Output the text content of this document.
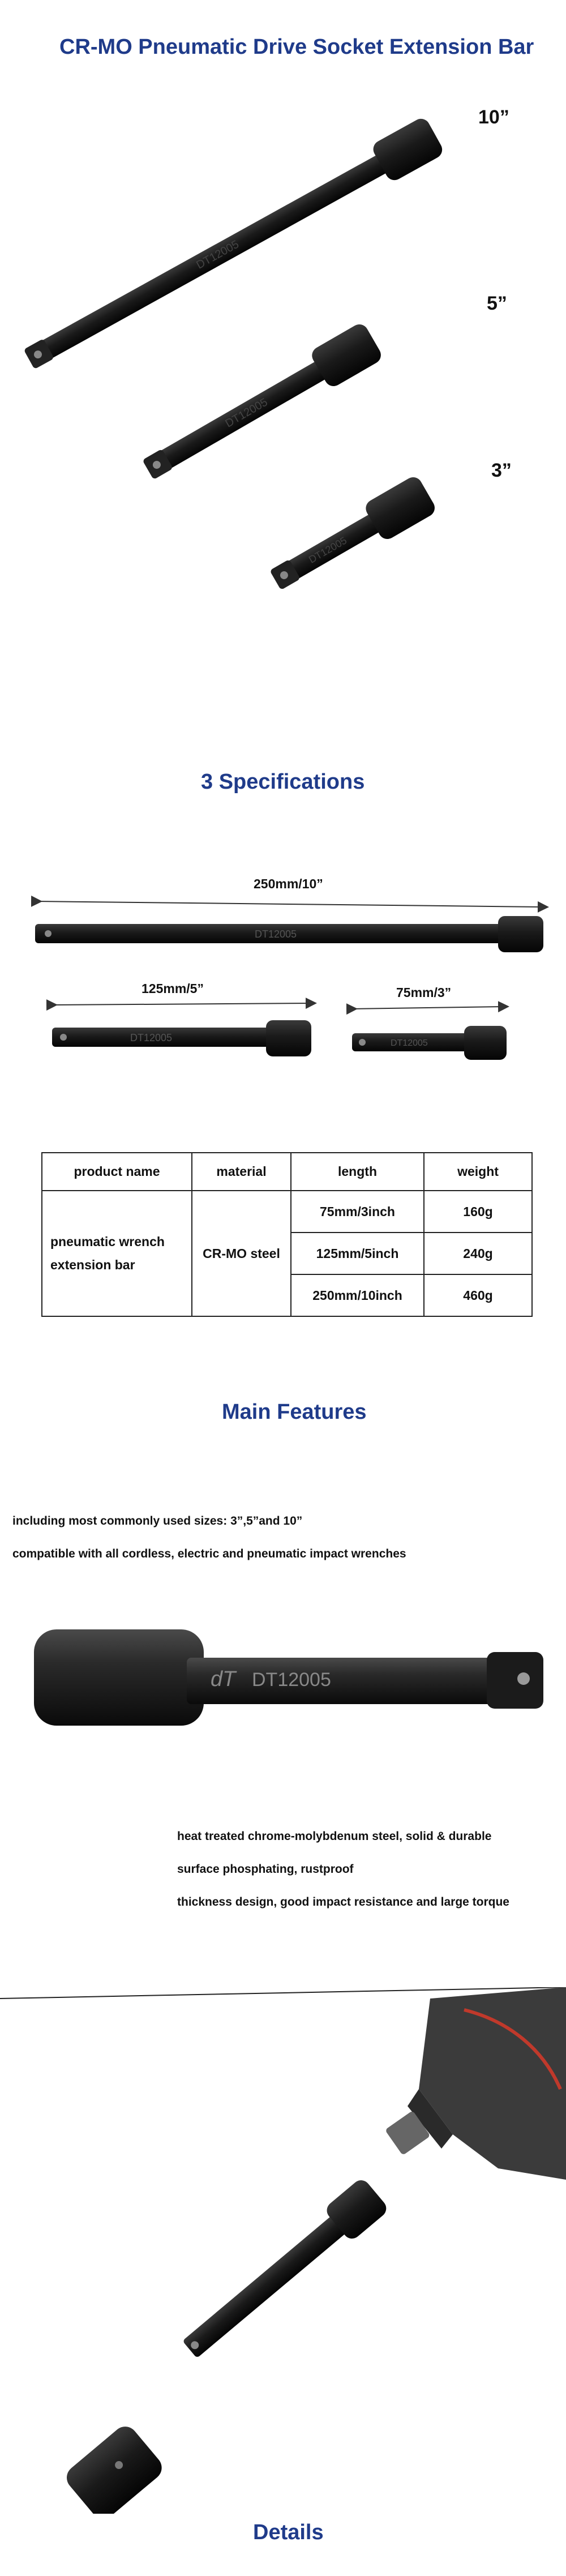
CR-MO Pneumatic Drive Socket Extension Bar
DT12005
DT12005
DT12005
10”
5”
3”
3 Specifications
250mm/10”
125mm/5”	75mm/3”
DT12005
DT12005	DT12005
product name	material	length	weight
pneumatic wrench extension bar	CR-MO steel	75mm/3inch	160g
		125mm/5inch	240g
		250mm/10inch	460g
Main Features
including most commonly used sizes: 3”,5”and 10”
compatible with all cordless, electric and pneumatic impact wrenches
DT12005
dT
heat treated chrome-molybdenum steel, solid & durable
surface phosphating, rustproof
thickness design, good impact resistance and large torque
Details
